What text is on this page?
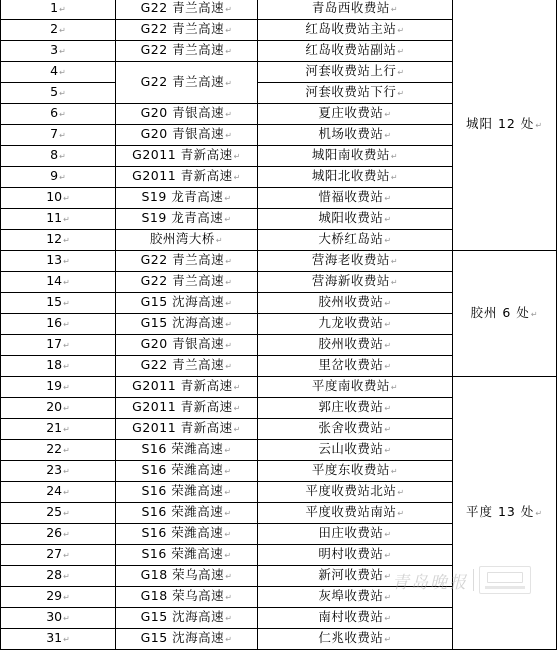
1↵	G22 青兰高速↵	青岛西收费站↵	城阳 12 处↵
2↵	G22 青兰高速↵	红岛收费站主站↵	
3↵	G22 青兰高速↵	红岛收费站副站↵	
4↵	G22 青兰高速↵	河套收费站上行↵	
5↵		河套收费站下行↵	
6↵	G20 青银高速↵	夏庄收费站↵	
7↵	G20 青银高速↵	机场收费站↵	
8↵	G2011 青新高速↵	城阳南收费站↵	
9↵	G2011 青新高速↵	城阳北收费站↵	
10↵	S19 龙青高速↵	惜福收费站↵	
11↵	S19 龙青高速↵	城阳收费站↵	
12↵	胶州湾大桥↵	大桥红岛站↵	
13↵	G22 青兰高速↵	营海老收费站↵	胶州 6 处↵
14↵	G22 青兰高速↵	营海新收费站↵	
15↵	G15 沈海高速↵	胶州收费站↵	
16↵	G15 沈海高速↵	九龙收费站↵	
17↵	G20 青银高速↵	胶州收费站↵	
18↵	G22 青兰高速↵	里岔收费站↵	
19↵	G2011 青新高速↵	平度南收费站↵	平度 13 处↵
20↵	G2011 青新高速↵	郭庄收费站↵	
21↵	G2011 青新高速↵	张舍收费站↵	
22↵	S16 荣潍高速↵	云山收费站↵	
23↵	S16 荣潍高速↵	平度东收费站↵	
24↵	S16 荣潍高速↵	平度收费站北站↵	
25↵	S16 荣潍高速↵	平度收费站南站↵	
26↵	S16 荣潍高速↵	田庄收费站↵	
27↵	S16 荣潍高速↵	明村收费站↵	
28↵	G18 荣乌高速↵	新河收费站↵	
29↵	G18 荣乌高速↵	灰埠收费站↵	
30↵	G15 沈海高速↵	南村收费站↵	
31↵	G15 沈海高速↵	仁兆收费站↵	
青岛晚报
